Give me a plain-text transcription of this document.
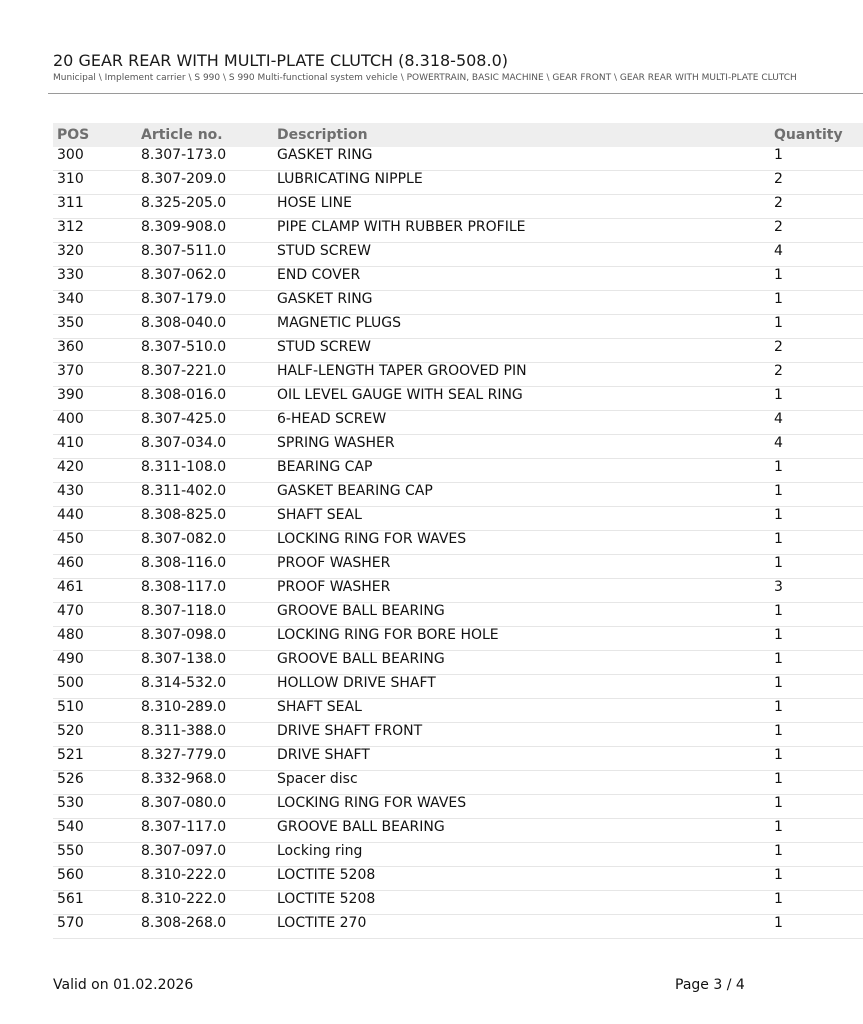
20 GEAR REAR WITH MULTI-PLATE CLUTCH (8.318-508.0)
Municipal \ Implement carrier \ S 990 \ S 990 Multi-functional system vehicle \ POWERTRAIN, BASIC MACHINE \ GEAR FRONT \ GEAR REAR WITH MULTI-PLATE CLUTCH
POS	Article no.	Description	Quantity
300	8.307-173.0	GASKET RING	1
310	8.307-209.0	LUBRICATING NIPPLE	2
311	8.325-205.0	HOSE LINE	2
312	8.309-908.0	PIPE CLAMP WITH RUBBER PROFILE	2
320	8.307-511.0	STUD SCREW	4
330	8.307-062.0	END COVER	1
340	8.307-179.0	GASKET RING	1
350	8.308-040.0	MAGNETIC PLUGS	1
360	8.307-510.0	STUD SCREW	2
370	8.307-221.0	HALF-LENGTH TAPER GROOVED PIN	2
390	8.308-016.0	OIL LEVEL GAUGE WITH SEAL RING	1
400	8.307-425.0	6-HEAD SCREW	4
410	8.307-034.0	SPRING WASHER	4
420	8.311-108.0	BEARING CAP	1
430	8.311-402.0	GASKET BEARING CAP	1
440	8.308-825.0	SHAFT SEAL	1
450	8.307-082.0	LOCKING RING FOR WAVES	1
460	8.308-116.0	PROOF WASHER	1
461	8.308-117.0	PROOF WASHER	3
470	8.307-118.0	GROOVE BALL BEARING	1
480	8.307-098.0	LOCKING RING FOR BORE HOLE	1
490	8.307-138.0	GROOVE BALL BEARING	1
500	8.314-532.0	HOLLOW DRIVE SHAFT	1
510	8.310-289.0	SHAFT SEAL	1
520	8.311-388.0	DRIVE SHAFT FRONT	1
521	8.327-779.0	DRIVE SHAFT	1
526	8.332-968.0	Spacer disc	1
530	8.307-080.0	LOCKING RING FOR WAVES	1
540	8.307-117.0	GROOVE BALL BEARING	1
550	8.307-097.0	Locking ring	1
560	8.310-222.0	LOCTITE 5208	1
561	8.310-222.0	LOCTITE 5208	1
570	8.308-268.0	LOCTITE 270	1
Valid on 01.02.2026	Page 3 / 4
